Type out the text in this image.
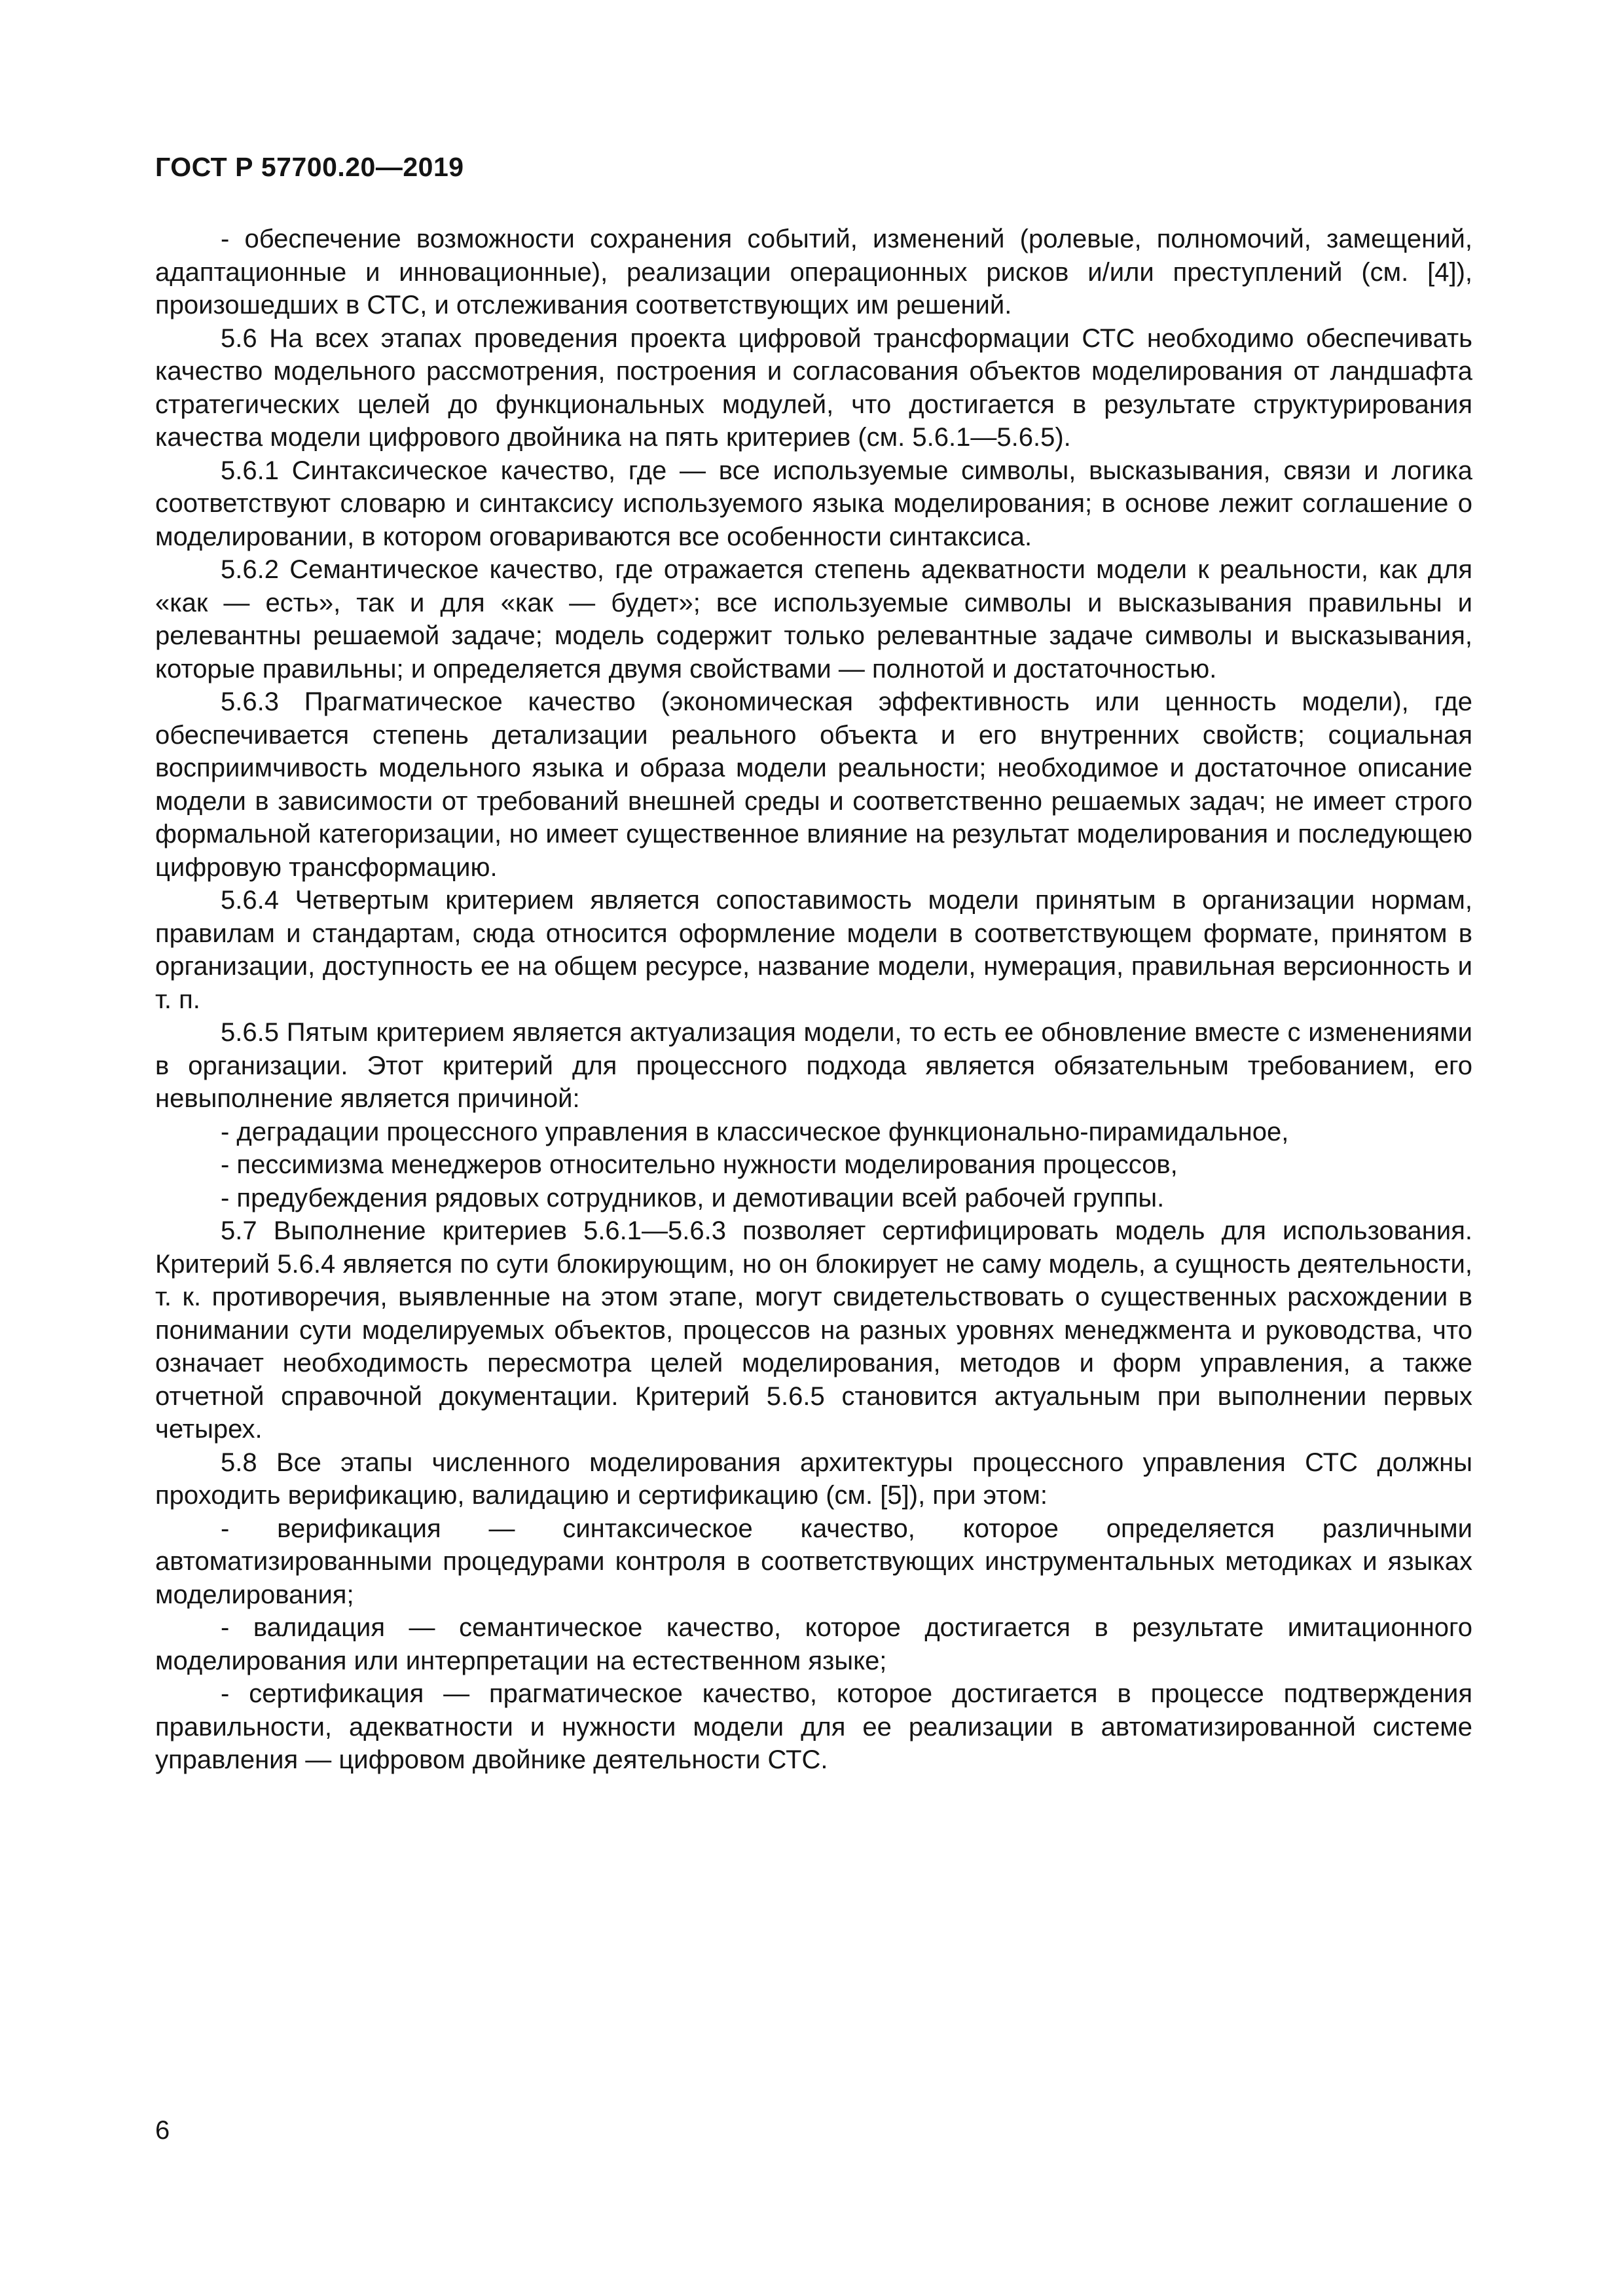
ГОСТ Р 57700.20—2019

- обеспечение возможности сохранения событий, изменений (ролевые, полномочий, замещений, адаптационные и инновационные), реализации операционных рисков и/или преступлений (см. [4]), произошедших в СТС, и отслеживания соответствующих им решений.

5.6 На всех этапах проведения проекта цифровой трансформации СТС необходимо обеспечивать качество модельного рассмотрения, построения и согласования объектов моделирования от ландшафта стратегических целей до функциональных модулей, что достигается в результате структурирования качества модели цифрового двойника на пять критериев (см. 5.6.1—5.6.5).

5.6.1 Синтаксическое качество, где — все используемые символы, высказывания, связи и логика соответствуют словарю и синтаксису используемого языка моделирования; в основе лежит соглашение о моделировании, в котором оговариваются все особенности синтаксиса.

5.6.2 Семантическое качество, где отражается степень адекватности модели к реальности, как для «как — есть», так и для «как — будет»; все используемые символы и высказывания правильны и релевантны решаемой задаче; модель содержит только релевантные задаче символы и высказывания, которые правильны; и определяется двумя свойствами — полнотой и достаточностью.

5.6.3 Прагматическое качество (экономическая эффективность или ценность модели), где обеспечивается степень детализации реального объекта и его внутренних свойств; социальная восприимчивость модельного языка и образа модели реальности; необходимое и достаточное описание модели в зависимости от требований внешней среды и соответственно решаемых задач; не имеет строго формальной категоризации, но имеет существенное влияние на результат моделирования и последующею цифровую трансформацию.

5.6.4 Четвертым критерием является сопоставимость модели принятым в организации нормам, правилам и стандартам, сюда относится оформление модели в соответствующем формате, принятом в организации, доступность ее на общем ресурсе, название модели, нумерация, правильная версионность и т. п.

5.6.5 Пятым критерием является актуализация модели, то есть ее обновление вместе с изменениями в организации. Этот критерий для процессного подхода является обязательным требованием, его невыполнение является причиной:

- деградации процессного управления в классическое функционально-пирамидальное,

- пессимизма менеджеров относительно нужности моделирования процессов,

- предубеждения рядовых сотрудников, и демотивации всей рабочей группы.

5.7 Выполнение критериев 5.6.1—5.6.3 позволяет сертифицировать модель для использования. Критерий 5.6.4 является по сути блокирующим, но он блокирует не саму модель, а сущность деятельности, т. к. противоречия, выявленные на этом этапе, могут свидетельствовать о существенных расхождении в понимании сути моделируемых объектов, процессов на разных уровнях менеджмента и руководства, что означает необходимость пересмотра целей моделирования, методов и форм управления, а также отчетной справочной документации. Критерий 5.6.5 становится актуальным при выполнении первых четырех.

5.8 Все этапы численного моделирования архитектуры процессного управления СТС должны проходить верификацию, валидацию и сертификацию (см. [5]), при этом:

- верификация — синтаксическое качество, которое определяется различными автоматизированными процедурами контроля в соответствующих инструментальных методиках и языках моделирования;

- валидация — семантическое качество, которое достигается в результате имитационного моделирования или интерпретации на естественном языке;

- сертификация — прагматическое качество, которое достигается в процессе подтверждения правильности, адекватности и нужности модели для ее реализации в автоматизированной системе управления — цифровом двойнике деятельности СТС.

6
